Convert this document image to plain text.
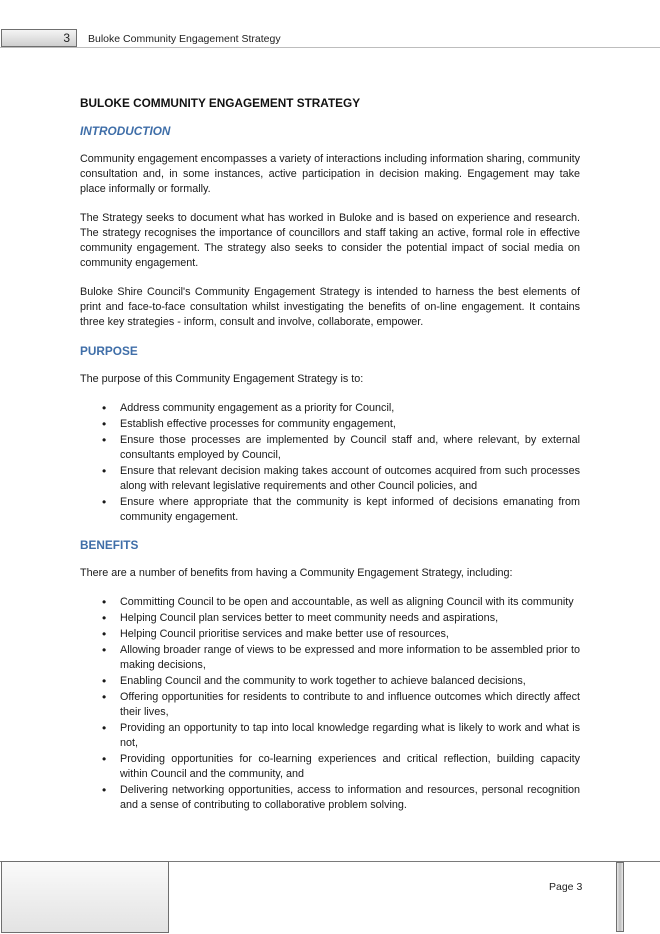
3 Buloke Community Engagement Strategy
BULOKE COMMUNITY ENGAGEMENT STRATEGY
INTRODUCTION

Community engagement encompasses a variety of interactions including information sharing, community consultation and, in some instances, active participation in decision making. Engagement may take place informally or formally.

The Strategy seeks to document what has worked in Buloke and is based on experience and research. The strategy recognises the importance of councillors and staff taking an active, formal role in effective community engagement. The strategy also seeks to consider the potential impact of social media on community engagement.

Buloke Shire Council's Community Engagement Strategy is intended to harness the best elements of print and face-to-face consultation whilst investigating the benefits of on-line engagement. It contains three key strategies - inform, consult and involve, collaborate, empower.

PURPOSE

The purpose of this Community Engagement Strategy is to:

• Address community engagement as a priority for Council,
• Establish effective processes for community engagement,
• Ensure those processes are implemented by Council staff and, where relevant, by external consultants employed by Council,
• Ensure that relevant decision making takes account of outcomes acquired from such processes along with relevant legislative requirements and other Council policies, and
• Ensure where appropriate that the community is kept informed of decisions emanating from community engagement.
BENEFITS

There are a number of benefits from having a Community Engagement Strategy, including:

• Committing Council to be open and accountable, as well as aligning Council with its community
• Helping Council plan services better to meet community needs and aspirations,
• Helping Council prioritise services and make better use of resources,
• Allowing broader range of views to be expressed and more information to be assembled prior to making decisions,
• Enabling Council and the community to work together to achieve balanced decisions,
• Offering opportunities for residents to contribute to and influence outcomes which directly affect their lives,
• Providing an opportunity to tap into local knowledge regarding what is likely to work and what is not,
• Providing opportunities for co-learning experiences and critical reflection, building capacity within Council and the community, and
• Delivering networking opportunities, access to information and resources, personal recognition and a sense of contributing to collaborative problem solving.
Page 3
